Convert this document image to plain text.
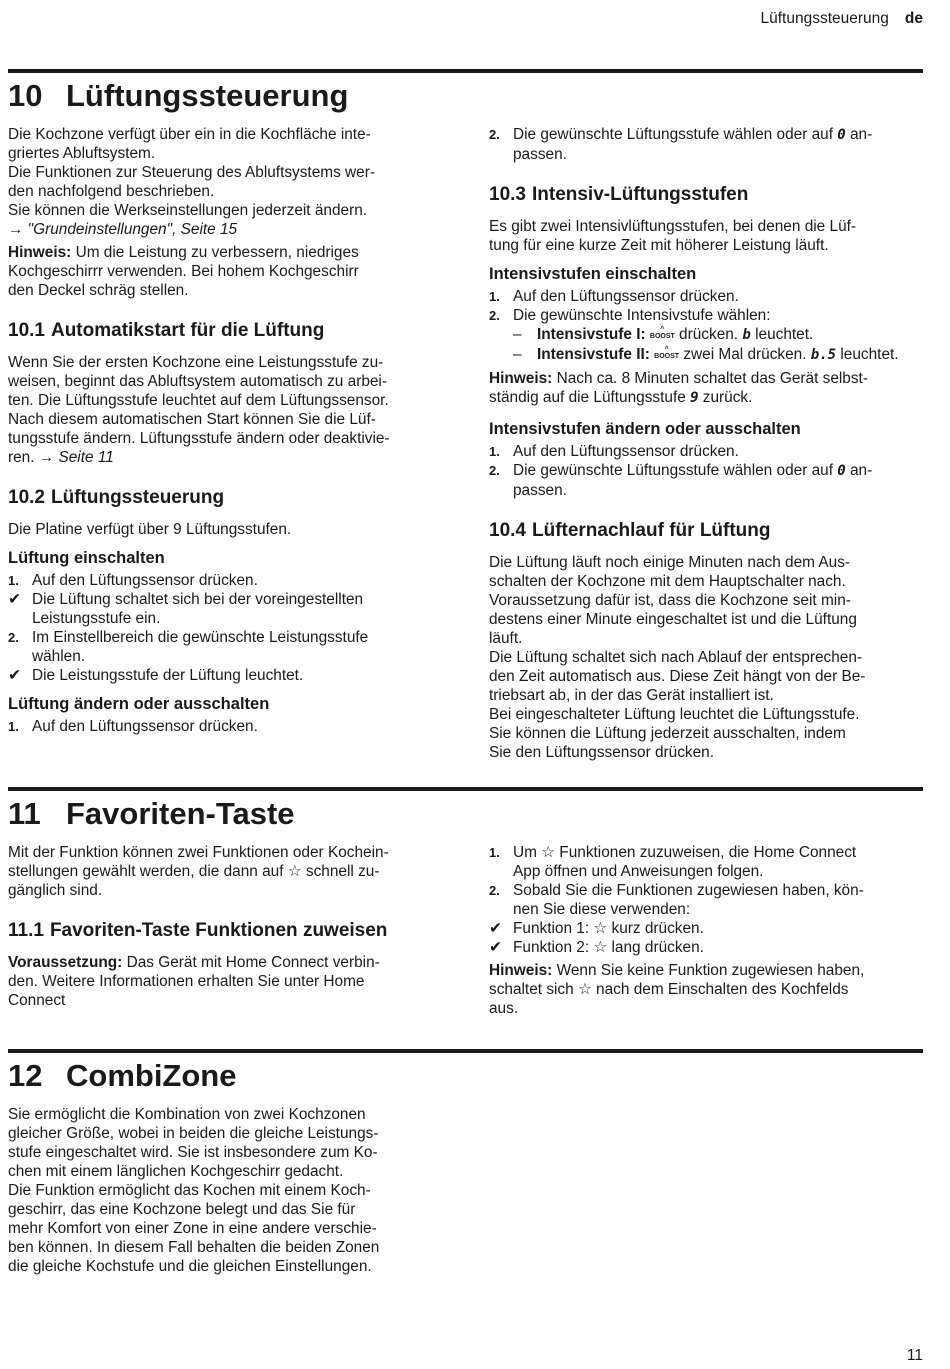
Lüftungssteuerung de
10 Lüftungssteuerung

Die Kochzone verfügt über ein in die Kochfläche inte-

griertes Abluftsystem.

Die Funktionen zur Steuerung des Abluftsystems wer-

den nachfolgend beschrieben.

Sie können die Werkseinstellungen jederzeit ändern.

→ "Grundeinstellungen", Seite 15

Hinweis: Um die Leistung zu verbessern, niedriges

Kochgeschirrr verwenden. Bei hohem Kochgeschirr

den Deckel schräg stellen.

10.1 Automatikstart für die Lüftung

Wenn Sie der ersten Kochzone eine Leistungsstufe zu-

weisen, beginnt das Abluftsystem automatisch zu arbei-

ten. Die Lüftungsstufe leuchtet auf dem Lüftungssensor.

Nach diesem automatischen Start können Sie die Lüf-

tungsstufe ändern. Lüftungsstufe ändern oder deaktivie-

ren. → Seite 11

10.2 Lüftungssteuerung

Die Platine verfügt über 9 Lüftungsstufen.

Lüftung einschalten
1. Auf den Lüftungssensor drücken.
✔ Die Lüftung schaltet sich bei der voreingestellten
Leistungsstufe ein.
2. Im Einstellbereich die gewünschte Leistungsstufe
wählen.
✔ Die Leistungsstufe der Lüftung leuchtet.
Lüftung ändern oder ausschalten
1. Auf den Lüftungssensor drücken.
2. Die gewünschte Lüftungsstufe wählen oder auf 0 an-
passen.
10.3 Intensiv-Lüftungsstufen

Es gibt zwei Intensivlüftungsstufen, bei denen die Lüf-

tung für eine kurze Zeit mit höherer Leistung läuft.

Intensivstufen einschalten
1. Auf den Lüftungssensor drücken.
2. Die gewünschte Intensivstufe wählen:
– Intensivstufe I: ^
BOOST drücken. b leuchtet.
– Intensivstufe II: ^
BOOST zwei Mal drücken. b.5 leuchtet.

Hinweis: Nach ca. 8 Minuten schaltet das Gerät selbst-

ständig auf die Lüftungsstufe 9 zurück.

Intensivstufen ändern oder ausschalten
1. Auf den Lüftungssensor drücken.
2. Die gewünschte Lüftungsstufe wählen oder auf 0 an-
passen.
10.4 Lüfternachlauf für Lüftung

Die Lüftung läuft noch einige Minuten nach dem Aus-

schalten der Kochzone mit dem Hauptschalter nach.

Voraussetzung dafür ist, dass die Kochzone seit min-

destens einer Minute eingeschaltet ist und die Lüftung

läuft.

Die Lüftung schaltet sich nach Ablauf der entsprechen-

den Zeit automatisch aus. Diese Zeit hängt von der Be-

triebsart ab, in der das Gerät installiert ist.

Bei eingeschalteter Lüftung leuchtet die Lüftungsstufe.

Sie können die Lüftung jederzeit ausschalten, indem

Sie den Lüftungssensor drücken.

11 Favoriten-Taste

Mit der Funktion können zwei Funktionen oder Kochein-

stellungen gewählt werden, die dann auf ☆ schnell zu-

gänglich sind.

11.1 Favoriten-Taste Funktionen zuweisen

Voraussetzung: Das Gerät mit Home Connect verbin-

den. Weitere Informationen erhalten Sie unter Home

Connect

1. Um ☆ Funktionen zuzuweisen, die Home Connect
App öffnen und Anweisungen folgen.
2. Sobald Sie die Funktionen zugewiesen haben, kön-
nen Sie diese verwenden:
✔ Funktion 1: ☆ kurz drücken.
✔ Funktion 2: ☆ lang drücken.

Hinweis: Wenn Sie keine Funktion zugewiesen haben,

schaltet sich ☆ nach dem Einschalten des Kochfelds

aus.

12 CombiZone

Sie ermöglicht die Kombination von zwei Kochzonen

gleicher Größe, wobei in beiden die gleiche Leistungs-

stufe eingeschaltet wird. Sie ist insbesondere zum Ko-

chen mit einem länglichen Kochgeschirr gedacht.

Die Funktion ermöglicht das Kochen mit einem Koch-

geschirr, das eine Kochzone belegt und das Sie für

mehr Komfort von einer Zone in eine andere verschie-

ben können. In diesem Fall behalten die beiden Zonen

die gleiche Kochstufe und die gleichen Einstellungen.

11
